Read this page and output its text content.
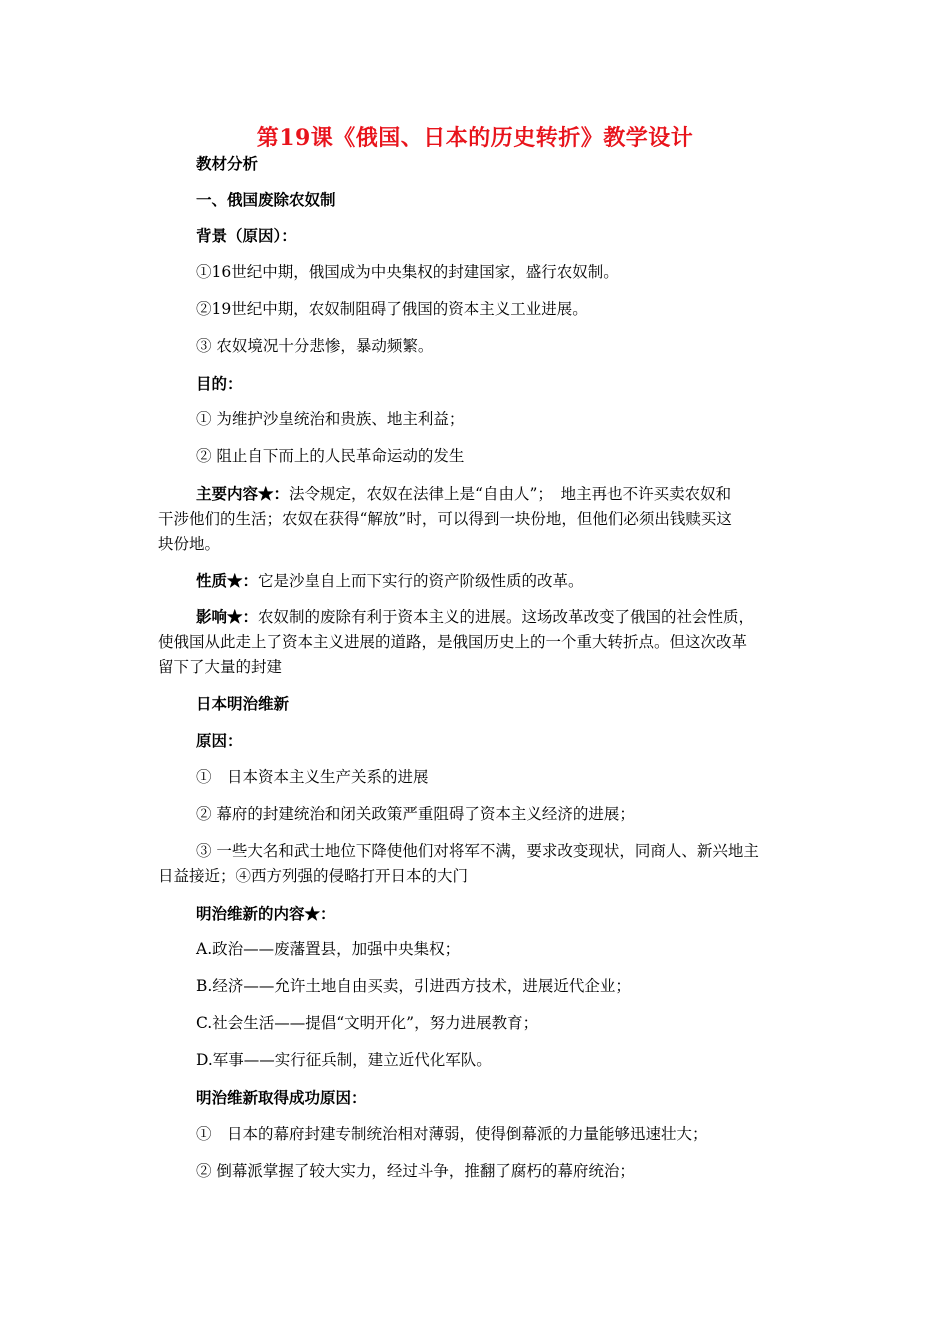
第19课《俄国、日本的历史转折》教学设计
教材分析
一、俄国废除农奴制
背景（原因）：
①16世纪中期，俄国成为中央集权的封建国家，盛行农奴制。
②19世纪中期，农奴制阻碍了俄国的资本主义工业进展。
③ 农奴境况十分悲惨，暴动频繁。
目的：
① 为维护沙皇统治和贵族、地主利益；
② 阻止自下而上的人民革命运动的发生
主要内容★：法令规定，农奴在法律上是“自由人”；　地主再也不许买卖农奴和
干涉他们的生活；农奴在获得“解放”时，可以得到一块份地，但他们必须出钱赎买这
块份地。
性质★：它是沙皇自上而下实行的资产阶级性质的改革。
影响★：农奴制的废除有利于资本主义的进展。这场改革改变了俄国的社会性质，
使俄国从此走上了资本主义进展的道路，是俄国历史上的一个重大转折点。但这次改革
留下了大量的封建
日本明治维新
原因：
①　日本资本主义生产关系的进展
② 幕府的封建统治和闭关政策严重阻碍了资本主义经济的进展；
③ 一些大名和武士地位下降使他们对将军不满，要求改变现状，同商人、新兴地主
日益接近；④西方列强的侵略打开日本的大门
明治维新的内容★：
A.政治——废藩置县，加强中央集权；
B.经济——允许土地自由买卖，引进西方技术，进展近代企业；
C.社会生活——提倡“文明开化”，努力进展教育；
D.军事——实行征兵制，建立近代化军队。
明治维新取得成功原因：
①　日本的幕府封建专制统治相对薄弱，使得倒幕派的力量能够迅速壮大；
② 倒幕派掌握了较大实力，经过斗争，推翻了腐朽的幕府统治；
